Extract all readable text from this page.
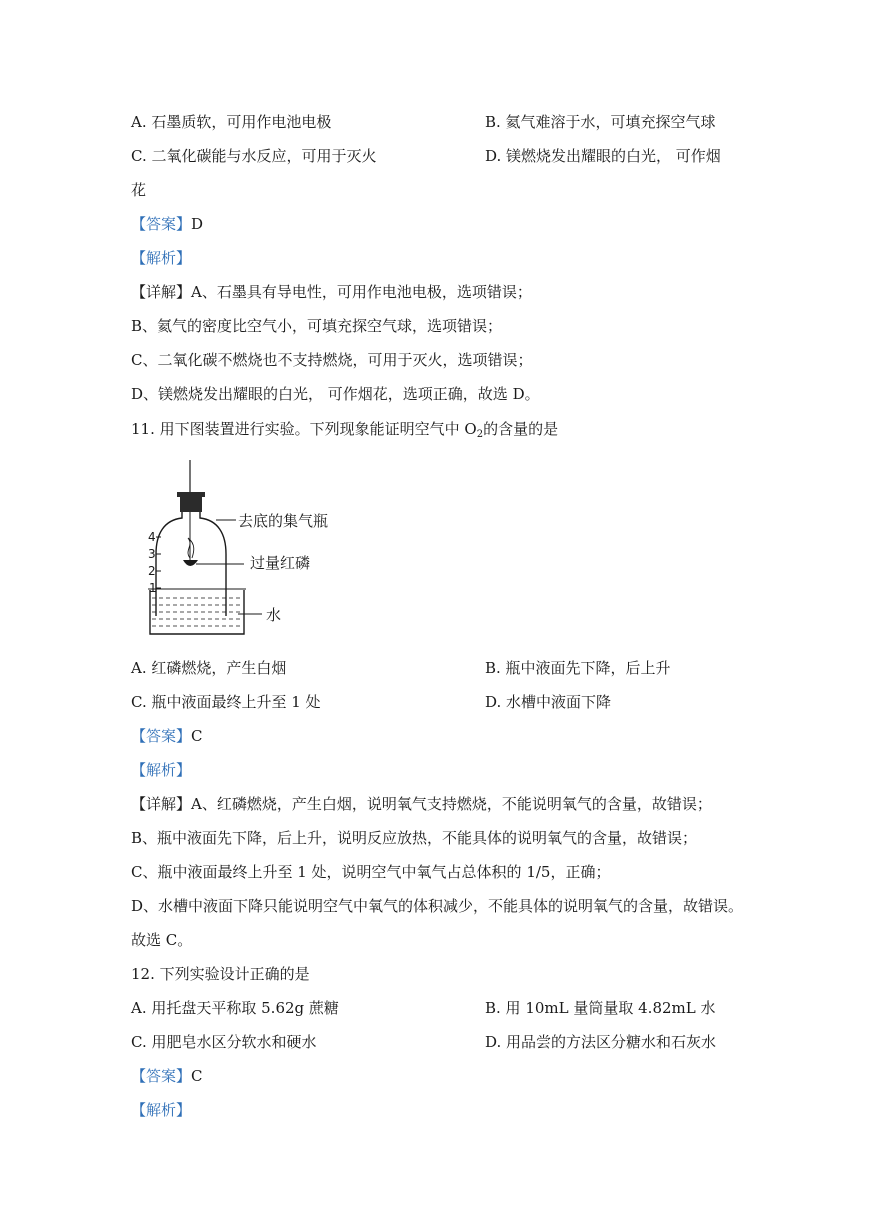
A. 石墨质软，可用作电池电极	B. 氦气难溶于水，可填充探空气球
C. 二氧化碳能与水反应，可用于灭火	D. 镁燃烧发出耀眼的白光， 可作烟
花
【答案】D
【解析】
【详解】A、石墨具有导电性，可用作电池电极，选项错误；
B、氦气的密度比空气小，可填充探空气球，选项错误；
C、二氧化碳不燃烧也不支持燃烧，可用于灭火，选项错误；
D、镁燃烧发出耀眼的白光， 可作烟花，选项正确，故选 D。
11. 用下图装置进行实验。下列现象能证明空气中 $O_2$的含量的是
4
3
2
1
去底的集气瓶
过量红磷
水
A. 红磷燃烧，产生白烟	B. 瓶中液面先下降，后上升
C. 瓶中液面最终上升至 1 处	D. 水槽中液面下降
【答案】C
【解析】
【详解】A、红磷燃烧，产生白烟，说明氧气支持燃烧，不能说明氧气的含量，故错误；
B、瓶中液面先下降，后上升，说明反应放热，不能具体的说明氧气的含量，故错误；
C、瓶中液面最终上升至 1 处，说明空气中氧气占总体积的 1/5，正确；
D、水槽中液面下降只能说明空气中氧气的体积减少，不能具体的说明氧气的含量，故错误。
故选 C。
12. 下列实验设计正确的是
A. 用托盘天平称取 5.62g 蔗糖	B. 用 10mL 量筒量取 4.82mL 水
C. 用肥皂水区分软水和硬水	D. 用品尝的方法区分糖水和石灰水
【答案】C
【解析】
